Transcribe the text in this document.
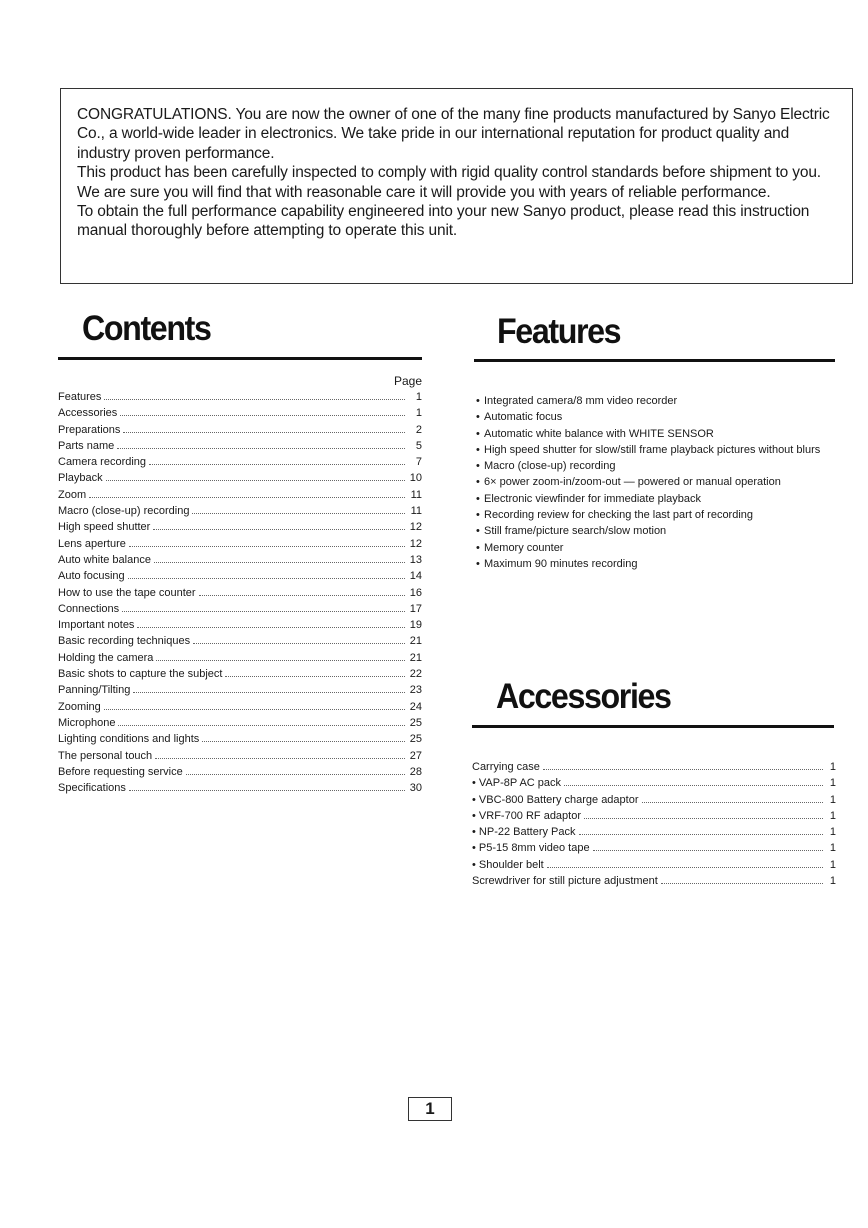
CONGRATULATIONS. You are now the owner of one of the many fine products manufactured by Sanyo Electric Co., a world-wide leader in electronics. We take pride in our international reputation for product quality and industry proven performance.

This product has been carefully inspected to comply with rigid quality control standards before shipment to you. We are sure you will find that with reasonable care it will provide you with years of reliable performance.

To obtain the full performance capability engineered into your new Sanyo product, please read this instruction manual thoroughly before attempting to operate this unit.

Contents	Features
Page
Features	1
Accessories	1
Preparations	2
Parts name	5
Camera recording	7
Playback	10
Zoom	11
Macro (close-up) recording	11
High speed shutter	12
Lens aperture	12
Auto white balance	13
Auto focusing	14
How to use the tape counter	16
Connections	17
Important notes	19
Basic recording techniques	21
Holding the camera	21
Basic shots to capture the subject	22
Panning/Tilting	23
Zooming	24
Microphone	25
Lighting conditions and lights	25
The personal touch	27
Before requesting service	28
Specifications	30
• Integrated camera/8 mm video recorder
• Automatic focus
• Automatic white balance with WHITE SENSOR
• High speed shutter for slow/still frame playback pictures without blurs
• Macro (close-up) recording
• 6× power zoom-in/zoom-out — powered or manual operation
• Electronic viewfinder for immediate playback
• Recording review for checking the last part of recording
• Still frame/picture search/slow motion
• Memory counter
• Maximum 90 minutes recording
Accessories
Carrying case	1
• VAP-8P AC pack	1
• VBC-800 Battery charge adaptor	1
• VRF-700 RF adaptor	1
• NP-22 Battery Pack	1
• P5-15 8mm video tape	1
• Shoulder belt	1
Screwdriver for still picture adjustment	1
1
